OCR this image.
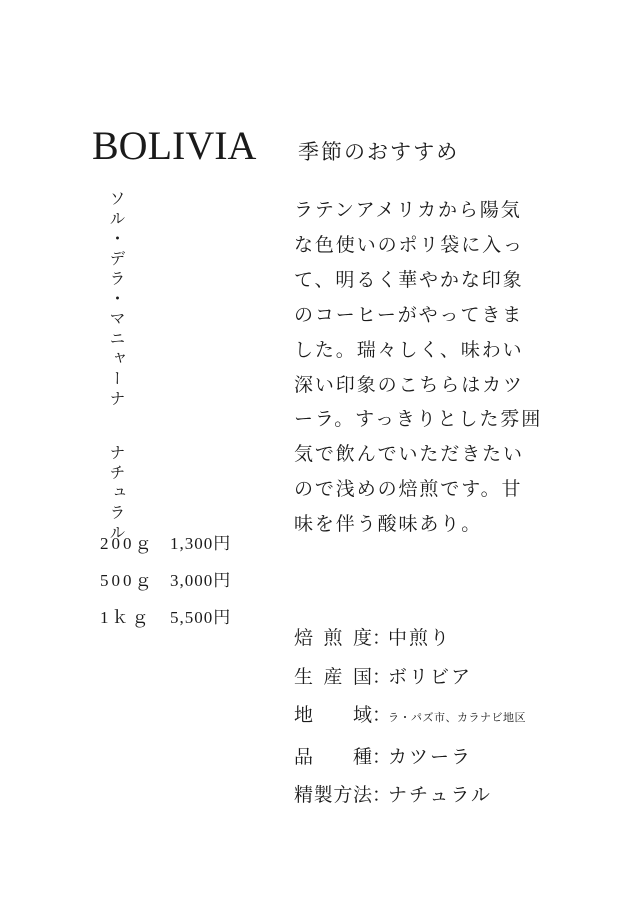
BOLIVIA 季節のおすすめ
ソル・デラ・マニャーナナチュラル
200ｇ 1,300円
500ｇ 3,000円
1ｋｇ	5,500円
ラテンアメリカから陽気
な色使いのポリ袋に入っ
て、明るく華やかな印象
のコーヒーがやってきま
した。瑞々しく、味わい
深い印象のこちらはカツ
ーラ。すっきりとした雰囲
気で飲んでいただきたい
ので浅めの焙煎です。甘
味を伴う酸味あり。
焙 煎 度 ：
中煎り
生 産 国 ：
ボリビア
地 域 ：
ラ・パズ市、カラナビ地区
品 種 ：
カツーラ
精 製 方 法 ：
ナチュラル
